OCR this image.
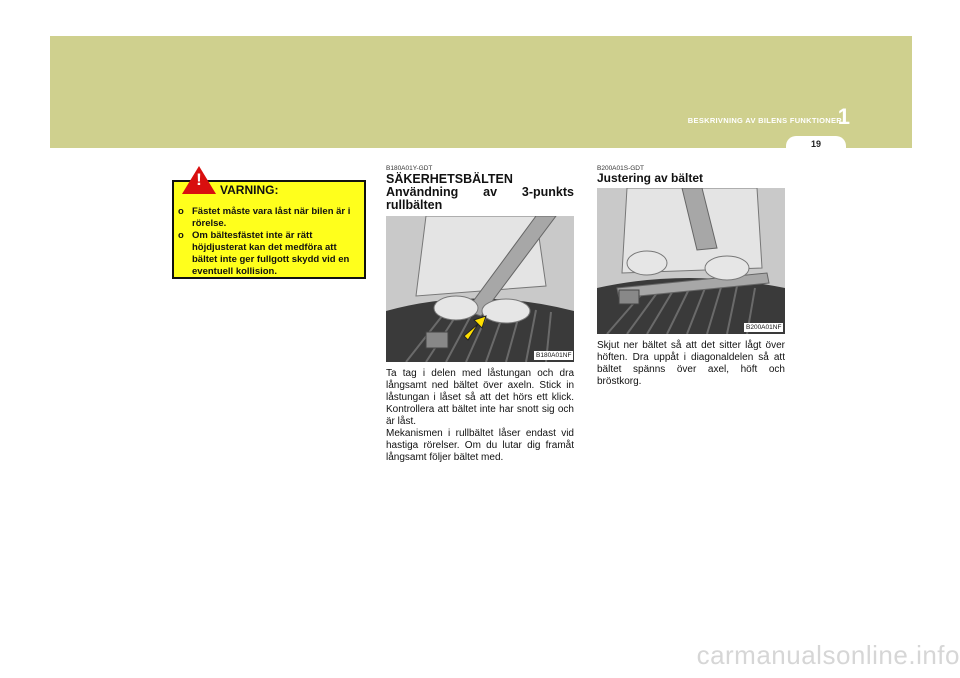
BESKRIVNING AV BILENS FUNKTIONER
1
19
o Fästet måste vara låst när bilen är i rörelse.
o Om bältesfästet inte är rätt höjdjusterat kan det medföra att bältet inte ger fullgott skydd vid en eventuell kollision.
!
VARNING:
B180A01Y-GDT
SÄKERHETSBÄLTEN
Användning av 3-punkts rullbälten
B180A01NF
Ta tag i delen med låstungan och dra långsamt ned bältet över axeln. Stick in låstungan i låset så att det hörs ett klick. Kontrollera att bältet inte har snott sig och är låst.
Mekanismen i rullbältet låser endast vid hastiga rörelser. Om du lutar dig framåt långsamt följer bältet med.
B200A01S-GDT
Justering av bältet
B200A01NF
Skjut ner bältet så att det sitter lågt över höften. Dra uppåt i diagonaldelen så att bältet spänns över axel, höft och bröstkorg.
carmanualsonline.info
